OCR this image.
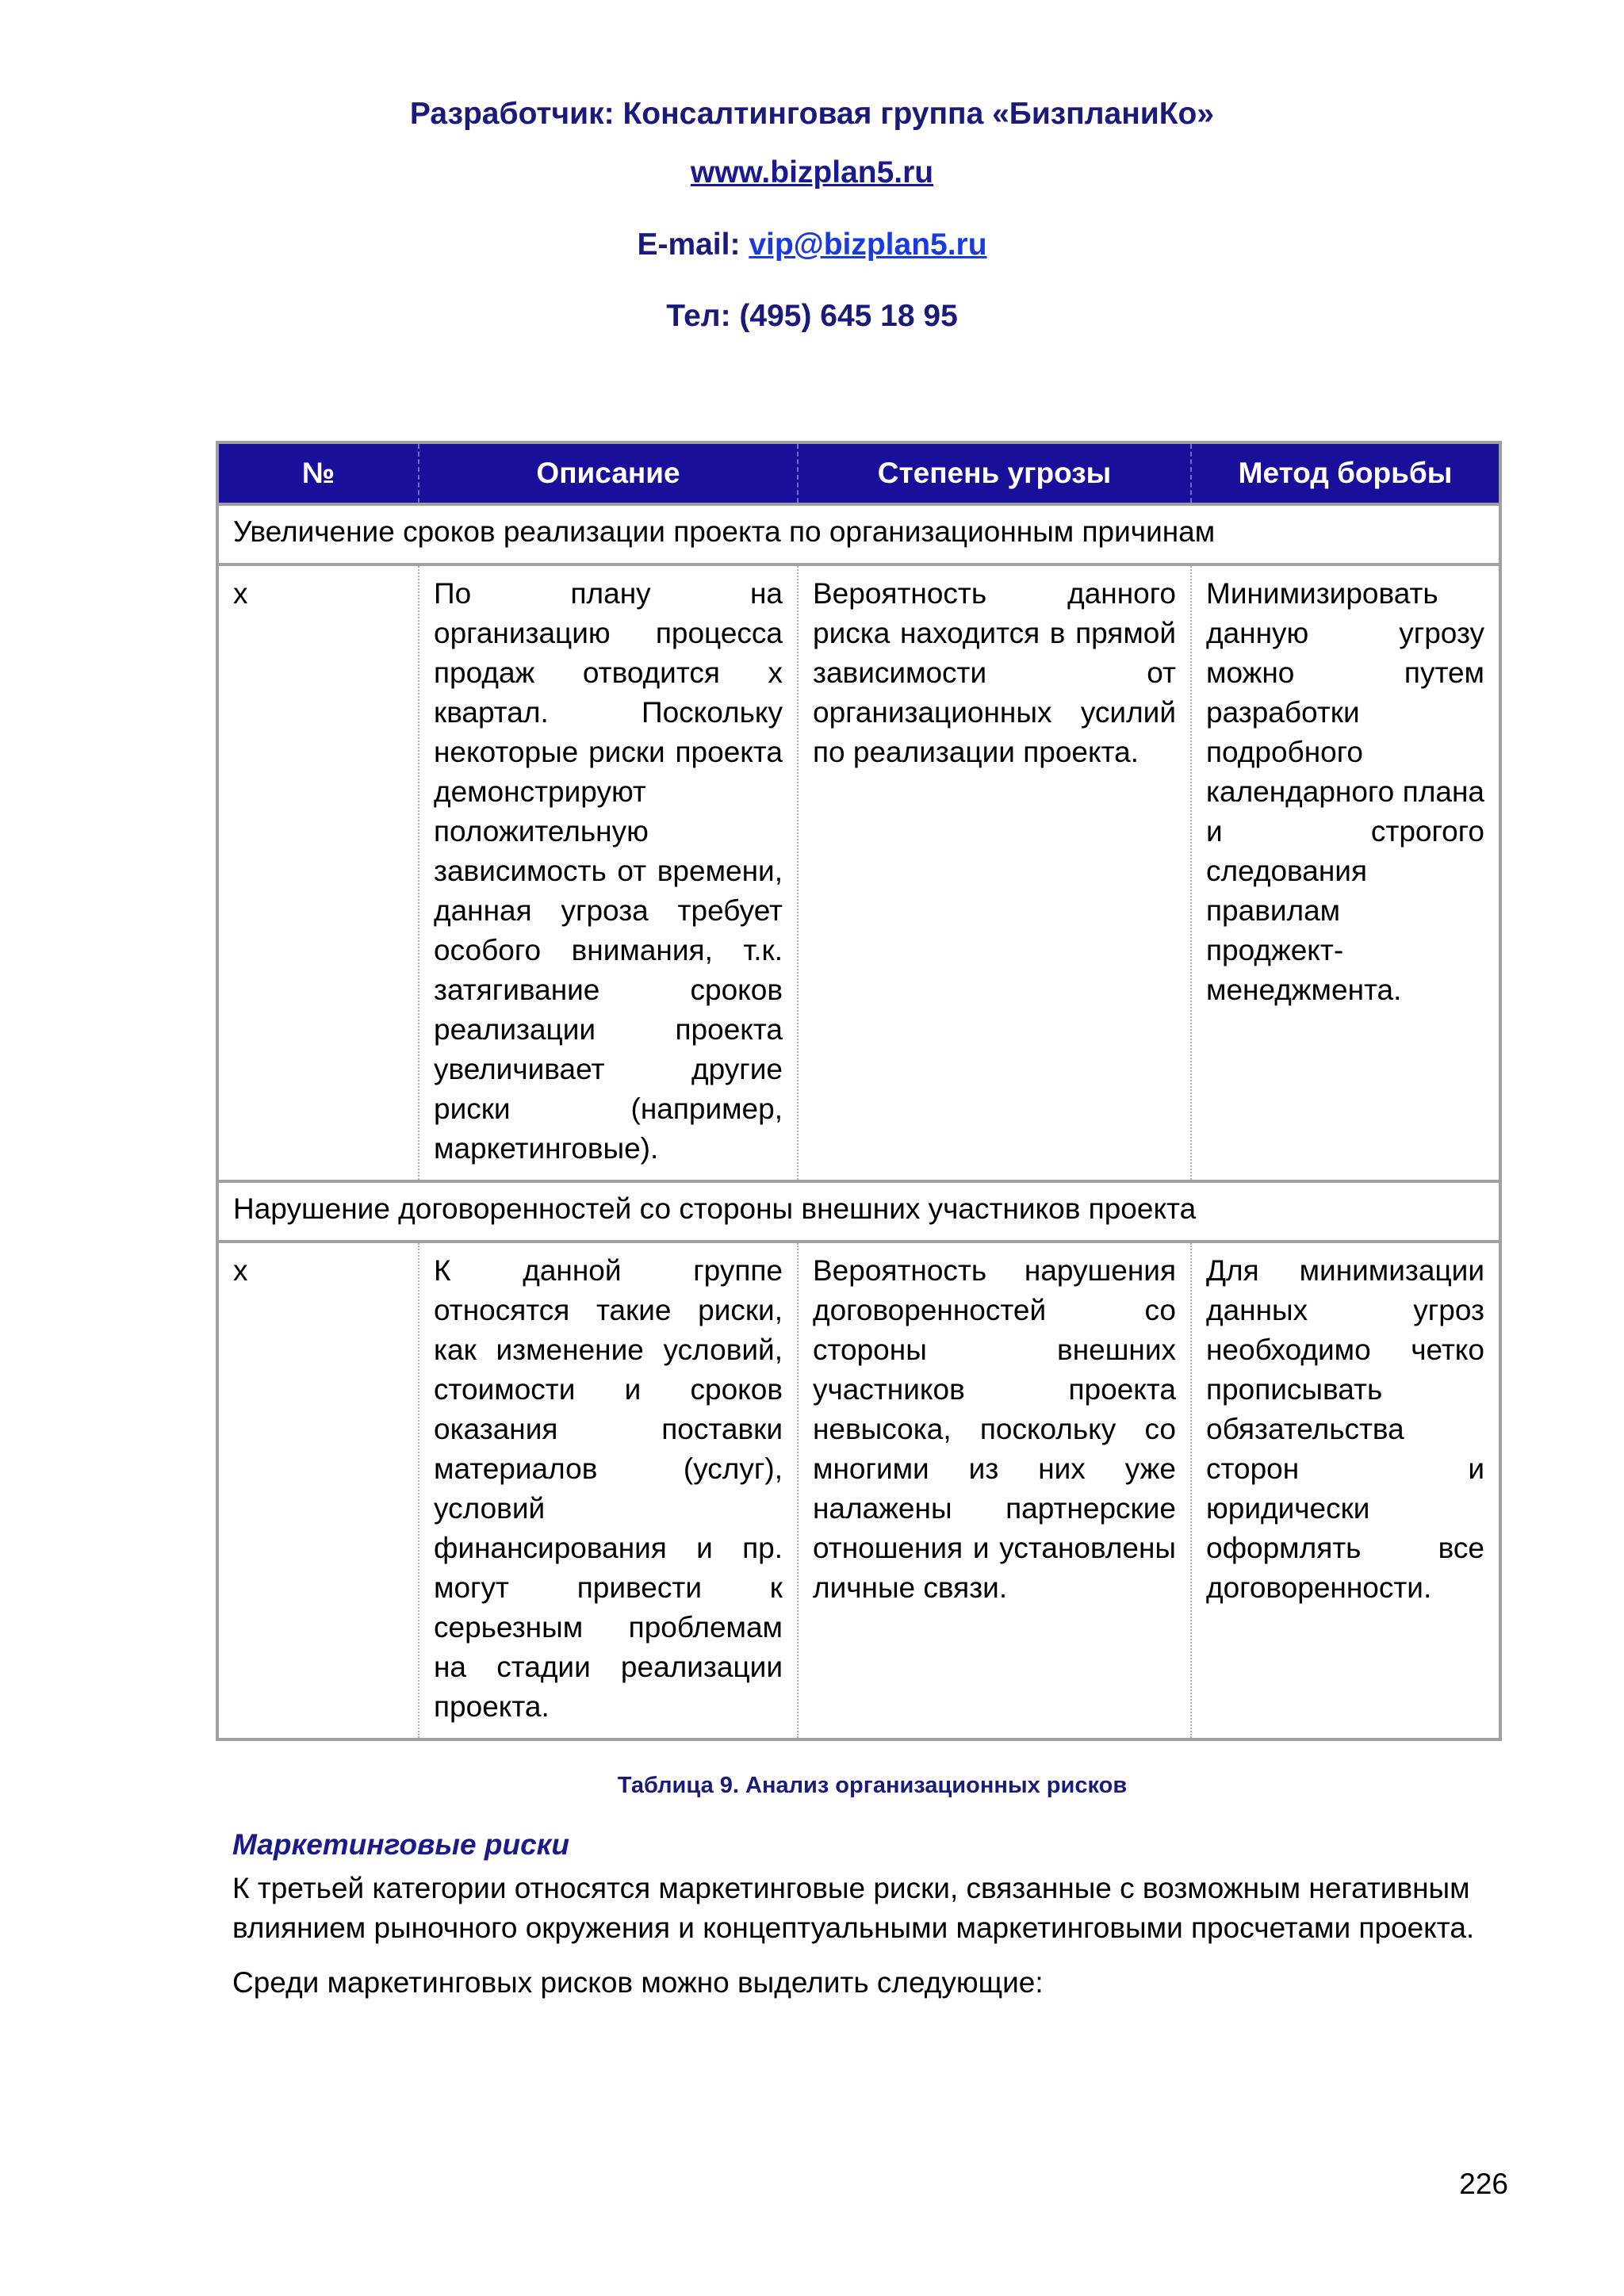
Разработчик: Консалтинговая группа «БизпланиКо»
www.bizplan5.ru
E-mail: vip@bizplan5.ru
Тел: (495) 645 18 95
№	Описание	Степень угрозы	Метод борьбы
Увеличение сроков реализации проекта по организационным причинам			
x	По плану на организацию процесса продаж отводится х квартал. Поскольку некоторые риски проекта демонстрируют положительную зависимость от времени, данная угроза требует особого внимания, т.к. затягивание сроков реализации проекта увеличивает другие риски (например, маркетинговые).	Вероятность данного риска находится в прямой зависимости от организационных усилий по реализации проекта.	Минимизировать данную угрозу можно путем разработки подробного календарного плана и строгого следования правилам проджект-менеджмента.
Нарушение договоренностей со стороны внешних участников проекта			
x	К данной группе относятся такие риски, как изменение условий, стоимости и сроков оказания поставки материалов (услуг), условий финансирования и пр. могут привести к серьезным проблемам на стадии реализации проекта.	Вероятность нарушения договоренностей со стороны внешних участников проекта невысока, поскольку со многими из них уже налажены партнерские отношения и установлены личные связи.	Для минимизации данных угроз необходимо четко прописывать обязательства сторон и юридически оформлять все договоренности.
Таблица 9. Анализ организационных рисков
Маркетинговые риски
К третьей категории относятся маркетинговые риски, связанные с возможным негативным влиянием рыночного окружения и концептуальными маркетинговыми просчетами проекта.
Среди маркетинговых рисков можно выделить следующие:
226
